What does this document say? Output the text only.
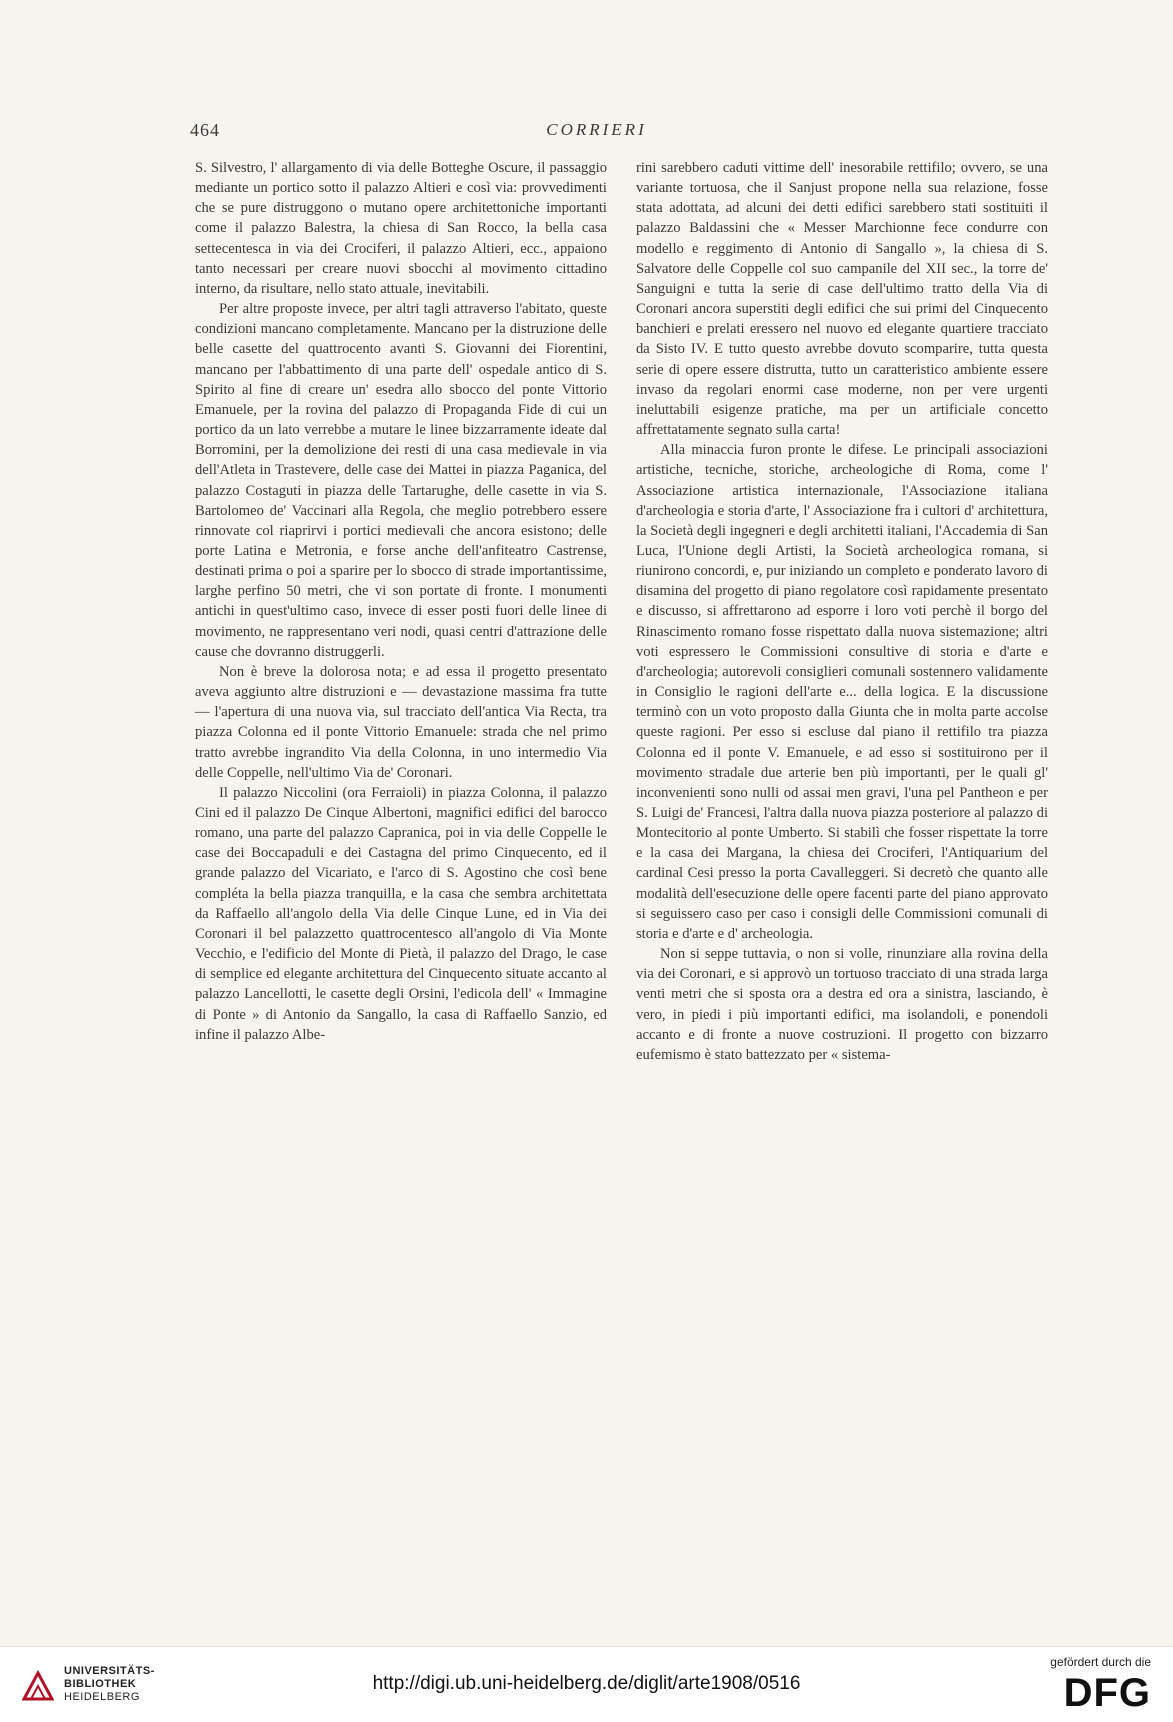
464	CORRIERI

S. Silvestro, l' allargamento di via delle Botteghe Oscure, il passaggio mediante un portico sotto il palazzo Altieri e così via: provvedimenti che se pure distruggono o mutano opere architettoniche importanti come il palazzo Balestra, la chiesa di San Rocco, la bella casa settecentesca in via dei Crociferi, il palazzo Altieri, ecc., appaiono tanto necessari per creare nuovi sbocchi al movimento cittadino interno, da risultare, nello stato attuale, inevitabili.

Per altre proposte invece, per altri tagli attraverso l'abitato, queste condizioni mancano completamente. Mancano per la distruzione delle belle casette del quattrocento avanti S. Giovanni dei Fiorentini, mancano per l'abbattimento di una parte dell' ospedale antico di S. Spirito al fine di creare un' esedra allo sbocco del ponte Vittorio Emanuele, per la rovina del palazzo di Propaganda Fide di cui un portico da un lato verrebbe a mutare le linee bizzarramente ideate dal Borromini, per la demolizione dei resti di una casa medievale in via dell'Atleta in Trastevere, delle case dei Mattei in piazza Paganica, del palazzo Costaguti in piazza delle Tartarughe, delle casette in via S. Bartolomeo de' Vaccinari alla Regola, che meglio potrebbero essere rinnovate col riaprirvi i portici medievali che ancora esistono; delle porte Latina e Metronia, e forse anche dell'anfiteatro Castrense, destinati prima o poi a sparire per lo sbocco di strade importantissime, larghe perfino 50 metri, che vi son portate di fronte. I monumenti antichi in quest'ultimo caso, invece di esser posti fuori delle linee di movimento, ne rappresentano veri nodi, quasi centri d'attrazione delle cause che dovranno distruggerli.

Non è breve la dolorosa nota; e ad essa il progetto presentato aveva aggiunto altre distruzioni e — devastazione massima fra tutte — l'apertura di una nuova via, sul tracciato dell'antica Via Recta, tra piazza Colonna ed il ponte Vittorio Emanuele: strada che nel primo tratto avrebbe ingrandito Via della Colonna, in uno intermedio Via delle Coppelle, nell'ultimo Via de' Coronari.

Il palazzo Niccolini (ora Ferraioli) in piazza Colonna, il palazzo Cini ed il palazzo De Cinque Albertoni, magnifici edifici del barocco romano, una parte del palazzo Capranica, poi in via delle Coppelle le case dei Boccapaduli e dei Castagna del primo Cinquecento, ed il grande palazzo del Vicariato, e l'arco di S. Agostino che così bene compléta la bella piazza tranquilla, e la casa che sembra architettata da Raffaello all'angolo della Via delle Cinque Lune, ed in Via dei Coronari il bel palazzetto quattrocentesco all'angolo di Via Monte Vecchio, e l'edificio del Monte di Pietà, il palazzo del Drago, le case di semplice ed elegante architettura del Cinquecento situate accanto al palazzo Lancellotti, le casette degli Orsini, l'edicola dell' « Immagine di Ponte » di Antonio da Sangallo, la casa di Raffaello Sanzio, ed infine il palazzo Albe-

rini sarebbero caduti vittime dell' inesorabile rettifilo; ovvero, se una variante tortuosa, che il Sanjust propone nella sua relazione, fosse stata adottata, ad alcuni dei detti edifici sarebbero stati sostituiti il palazzo Baldassini che « Messer Marchionne fece condurre con modello e reggimento di Antonio di Sangallo », la chiesa di S. Salvatore delle Coppelle col suo campanile del XII sec., la torre de' Sanguigni e tutta la serie di case dell'ultimo tratto della Via di Coronari ancora superstiti degli edifici che sui primi del Cinquecento banchieri e prelati eressero nel nuovo ed elegante quartiere tracciato da Sisto IV. E tutto questo avrebbe dovuto scomparire, tutta questa serie di opere essere distrutta, tutto un caratteristico ambiente essere invaso da regolari enormi case moderne, non per vere urgenti ineluttabili esigenze pratiche, ma per un artificiale concetto affrettatamente segnato sulla carta!

Alla minaccia furon pronte le difese. Le principali associazioni artistiche, tecniche, storiche, archeologiche di Roma, come l' Associazione artistica internazionale, l'Associazione italiana d'archeologia e storia d'arte, l' Associazione fra i cultori d' architettura, la Società degli ingegneri e degli architetti italiani, l'Accademia di San Luca, l'Unione degli Artisti, la Società archeologica romana, si riunirono concordi, e, pur iniziando un completo e ponderato lavoro di disamina del progetto di piano regolatore così rapidamente presentato e discusso, si affrettarono ad esporre i loro voti perchè il borgo del Rinascimento romano fosse rispettato dalla nuova sistemazione; altri voti espressero le Commissioni consultive di storia e d'arte e d'archeologia; autorevoli consiglieri comunali sostennero validamente in Consiglio le ragioni dell'arte e... della logica. E la discussione terminò con un voto proposto dalla Giunta che in molta parte accolse queste ragioni. Per esso si escluse dal piano il rettifilo tra piazza Colonna ed il ponte V. Emanuele, e ad esso si sostituirono per il movimento stradale due arterie ben più importanti, per le quali gl' inconvenienti sono nulli od assai men gravi, l'una pel Pantheon e per S. Luigi de' Francesi, l'altra dalla nuova piazza posteriore al palazzo di Montecitorio al ponte Umberto. Si stabilì che fosser rispettate la torre e la casa dei Margana, la chiesa dei Crociferi, l'Antiquarium del cardinal Cesi presso la porta Cavalleggeri. Si decretò che quanto alle modalità dell'esecuzione delle opere facenti parte del piano approvato si seguissero caso per caso i consigli delle Commissioni comunali di storia e d'arte e d' archeologia.

Non si seppe tuttavia, o non si volle, rinunziare alla rovina della via dei Coronari, e si approvò un tortuoso tracciato di una strada larga venti metri che si sposta ora a destra ed ora a sinistra, lasciando, è vero, in piedi i più importanti edifici, ma isolandoli, e ponendoli accanto e di fronte a nuove costruzioni. Il progetto con bizzarro eufemismo è stato battezzato per « sistema-

UNIVERSITÄTS-
BIBLIOTHEK
HEIDELBERG
http://digi.ub.uni-heidelberg.de/diglit/arte1908/0516
gefördert durch die
DFG
